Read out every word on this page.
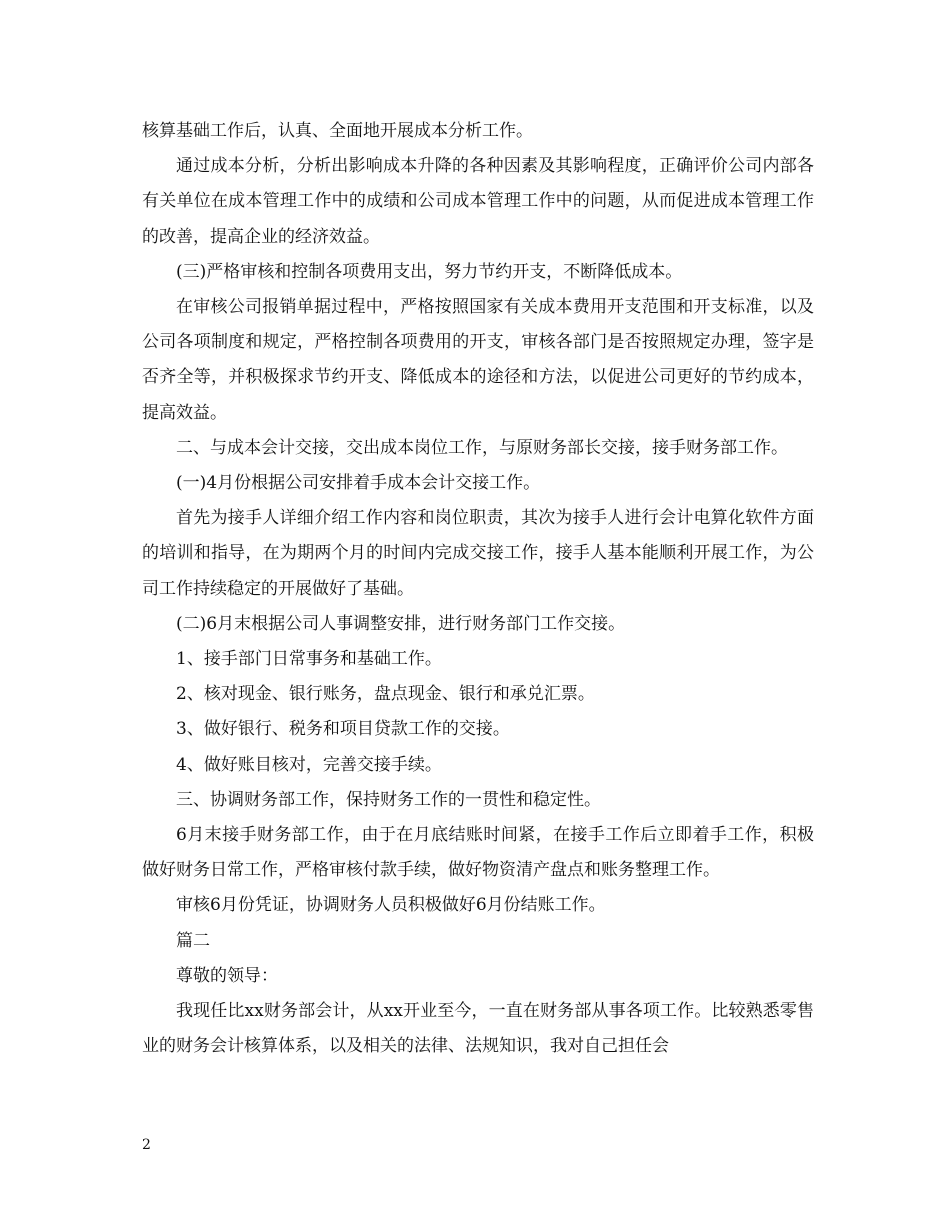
核算基础工作后，认真、全面地开展成本分析工作。

通过成本分析，分析出影响成本升降的各种因素及其影响程度，正确评价公司内部各有关单位在成本管理工作中的成绩和公司成本管理工作中的问题，从而促进成本管理工作的改善，提高企业的经济效益。

(三)严格审核和控制各项费用支出，努力节约开支，不断降低成本。

在审核公司报销单据过程中，严格按照国家有关成本费用开支范围和开支标准，以及公司各项制度和规定，严格控制各项费用的开支，审核各部门是否按照规定办理，签字是否齐全等，并积极探求节约开支、降低成本的途径和方法，以促进公司更好的节约成本，提高效益。

二、与成本会计交接，交出成本岗位工作，与原财务部长交接，接手财务部工作。

(一)4月份根据公司安排着手成本会计交接工作。

首先为接手人详细介绍工作内容和岗位职责，其次为接手人进行会计电算化软件方面的培训和指导，在为期两个月的时间内完成交接工作，接手人基本能顺利开展工作，为公司工作持续稳定的开展做好了基础。

(二)6月末根据公司人事调整安排，进行财务部门工作交接。

1、接手部门日常事务和基础工作。

2、核对现金、银行账务，盘点现金、银行和承兑汇票。

3、做好银行、税务和项目贷款工作的交接。

4、做好账目核对，完善交接手续。

三、协调财务部工作，保持财务工作的一贯性和稳定性。

6月末接手财务部工作，由于在月底结账时间紧，在接手工作后立即着手工作，积极做好财务日常工作，严格审核付款手续，做好物资清产盘点和账务整理工作。

审核6月份凭证，协调财务人员积极做好6月份结账工作。

篇二

尊敬的领导：

我现任比xx财务部会计，从xx开业至今，一直在财务部从事各项工作。比较熟悉零售业的财务会计核算体系，以及相关的法律、法规知识，我对自己担任会

2
